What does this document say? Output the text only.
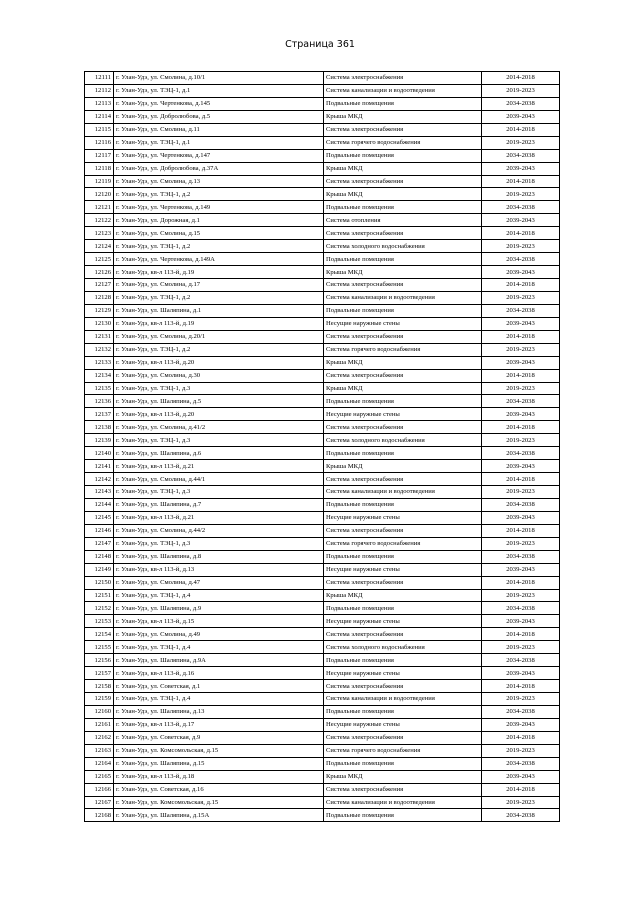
Страница 361
12111	г. Улан-Удэ, ул. Смолина, д.10/1	Система электроснабжения	2014-2018
12112	г. Улан-Удэ, ул. ТЭЦ-1, д.1	Система канализации и водоотведения	2019-2023
12113	г. Улан-Удэ, ул. Чертенкова, д.145	Подвальные помещения	2034-2038
12114	г. Улан-Удэ, ул. Добролюбова, д.5	Крыша МКД	2039-2043
12115	г. Улан-Удэ, ул. Смолина, д.11	Система электроснабжения	2014-2018
12116	г. Улан-Удэ, ул. ТЭЦ-1, д.1	Система горячего водоснабжения	2019-2023
12117	г. Улан-Удэ, ул. Чертенкова, д.147	Подвальные помещения	2034-2038
12118	г. Улан-Удэ, ул. Добролюбова, д.37А	Крыша МКД	2039-2043
12119	г. Улан-Удэ, ул. Смолина, д.13	Система электроснабжения	2014-2018
12120	г. Улан-Удэ, ул. ТЭЦ-1, д.2	Крыша МКД	2019-2023
12121	г. Улан-Удэ, ул. Чертенкова, д.149	Подвальные помещения	2034-2038
12122	г. Улан-Удэ, ул. Дорожная, д.1	Система отопления	2039-2043
12123	г. Улан-Удэ, ул. Смолина, д.15	Система электроснабжения	2014-2018
12124	г. Улан-Удэ, ул. ТЭЦ-1, д.2	Система холодного водоснабжения	2019-2023
12125	г. Улан-Удэ, ул. Чертенкова, д.149А	Подвальные помещения	2034-2038
12126	г. Улан-Удэ, кв-л 113-й, д.19	Крыша МКД	2039-2043
12127	г. Улан-Удэ, ул. Смолина, д.17	Система электроснабжения	2014-2018
12128	г. Улан-Удэ, ул. ТЭЦ-1, д.2	Система канализации и водоотведения	2019-2023
12129	г. Улан-Удэ, ул. Шаляпина, д.1	Подвальные помещения	2034-2038
12130	г. Улан-Удэ, кв-л 113-й, д.19	Несущие наружные стены	2039-2043
12131	г. Улан-Удэ, ул. Смолина, д.20/1	Система электроснабжения	2014-2018
12132	г. Улан-Удэ, ул. ТЭЦ-1, д.2	Система горячего водоснабжения	2019-2023
12133	г. Улан-Удэ, кв-л 113-й, д.20	Крыша МКД	2039-2043
12134	г. Улан-Удэ, ул. Смолина, д.30	Система электроснабжения	2014-2018
12135	г. Улан-Удэ, ул. ТЭЦ-1, д.3	Крыша МКД	2019-2023
12136	г. Улан-Удэ, ул. Шаляпина, д.5	Подвальные помещения	2034-2038
12137	г. Улан-Удэ, кв-л 113-й, д.20	Несущие наружные стены	2039-2043
12138	г. Улан-Удэ, ул. Смолина, д.41/2	Система электроснабжения	2014-2018
12139	г. Улан-Удэ, ул. ТЭЦ-1, д.3	Система холодного водоснабжения	2019-2023
12140	г. Улан-Удэ, ул. Шаляпина, д.6	Подвальные помещения	2034-2038
12141	г. Улан-Удэ, кв-л 113-й, д.21	Крыша МКД	2039-2043
12142	г. Улан-Удэ, ул. Смолина, д.44/1	Система электроснабжения	2014-2018
12143	г. Улан-Удэ, ул. ТЭЦ-1, д.3	Система канализации и водоотведения	2019-2023
12144	г. Улан-Удэ, ул. Шаляпина, д.7	Подвальные помещения	2034-2038
12145	г. Улан-Удэ, кв-л 113-й, д.21	Несущие наружные стены	2039-2043
12146	г. Улан-Удэ, ул. Смолина, д.44/2	Система электроснабжения	2014-2018
12147	г. Улан-Удэ, ул. ТЭЦ-1, д.3	Система горячего водоснабжения	2019-2023
12148	г. Улан-Удэ, ул. Шаляпина, д.8	Подвальные помещения	2034-2038
12149	г. Улан-Удэ, кв-л 113-й, д.13	Несущие наружные стены	2039-2043
12150	г. Улан-Удэ, ул. Смолина, д.47	Система электроснабжения	2014-2018
12151	г. Улан-Удэ, ул. ТЭЦ-1, д.4	Крыша МКД	2019-2023
12152	г. Улан-Удэ, ул. Шаляпина, д.9	Подвальные помещения	2034-2038
12153	г. Улан-Удэ, кв-л 113-й, д.15	Несущие наружные стены	2039-2043
12154	г. Улан-Удэ, ул. Смолина, д.49	Система электроснабжения	2014-2018
12155	г. Улан-Удэ, ул. ТЭЦ-1, д.4	Система холодного водоснабжения	2019-2023
12156	г. Улан-Удэ, ул. Шаляпина, д.9А	Подвальные помещения	2034-2038
12157	г. Улан-Удэ, кв-л 113-й, д.16	Несущие наружные стены	2039-2043
12158	г. Улан-Удэ, ул. Советская, д.1	Система электроснабжения	2014-2018
12159	г. Улан-Удэ, ул. ТЭЦ-1, д.4	Система канализации и водоотведения	2019-2023
12160	г. Улан-Удэ, ул. Шаляпина, д.13	Подвальные помещения	2034-2038
12161	г. Улан-Удэ, кв-л 113-й, д.17	Несущие наружные стены	2039-2043
12162	г. Улан-Удэ, ул. Советская, д.9	Система электроснабжения	2014-2018
12163	г. Улан-Удэ, ул. Комсомольская, д.15	Система горячего водоснабжения	2019-2023
12164	г. Улан-Удэ, ул. Шаляпина, д.15	Подвальные помещения	2034-2038
12165	г. Улан-Удэ, кв-л 113-й, д.18	Крыша МКД	2039-2043
12166	г. Улан-Удэ, ул. Советская, д.16	Система электроснабжения	2014-2018
12167	г. Улан-Удэ, ул. Комсомольская, д.15	Система канализации и водоотведения	2019-2023
12168	г. Улан-Удэ, ул. Шаляпина, д.15А	Подвальные помещения	2034-2038
